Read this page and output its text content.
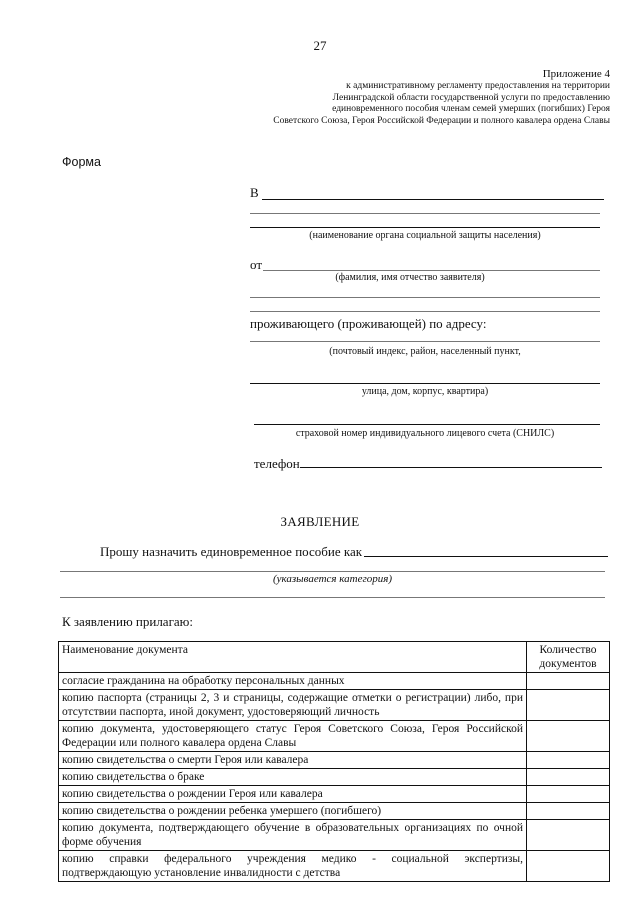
27
Приложение 4
к административному регламенту предоставления на территории
Ленинградской области государственной услуги по предоставлению
единовременного пособия членам семей умерших (погибших) Героя
Советского Союза, Героя Российской Федерации и полного кавалера ордена Славы
Форма
В
(наименование органа социальной защиты населения)
от
(фамилия, имя отчество заявителя)
проживающего (проживающей) по адресу:
(почтовый индекс, район, населенный пункт,
улица, дом, корпус, квартира)
страховой номер индивидуального лицевого счета (СНИЛС)
телефон
ЗАЯВЛЕНИЕ
Прошу назначить единовременное пособие как
(указывается категория)
К заявлению прилагаю:
Наименование документа	Количество документов
согласие гражданина на обработку персональных данных	
копию паспорта (страницы 2, 3 и страницы, содержащие отметки о регистрации) либо, при отсутствии паспорта, иной документ, удостоверяющий личность	
копию документа, удостоверяющего статус Героя Советского Союза, Героя Российской Федерации или полного кавалера ордена Славы	
копию свидетельства о смерти Героя или кавалера	
копию свидетельства о браке	
копию свидетельства о рождении Героя или кавалера	
копию свидетельства о рождении ребенка умершего (погибшего)	
копию документа, подтверждающего обучение в образовательных организациях по очной форме обучения	
копию справки федерального учреждения медико - социальной экспертизы, подтверждающую установление инвалидности с детства	
